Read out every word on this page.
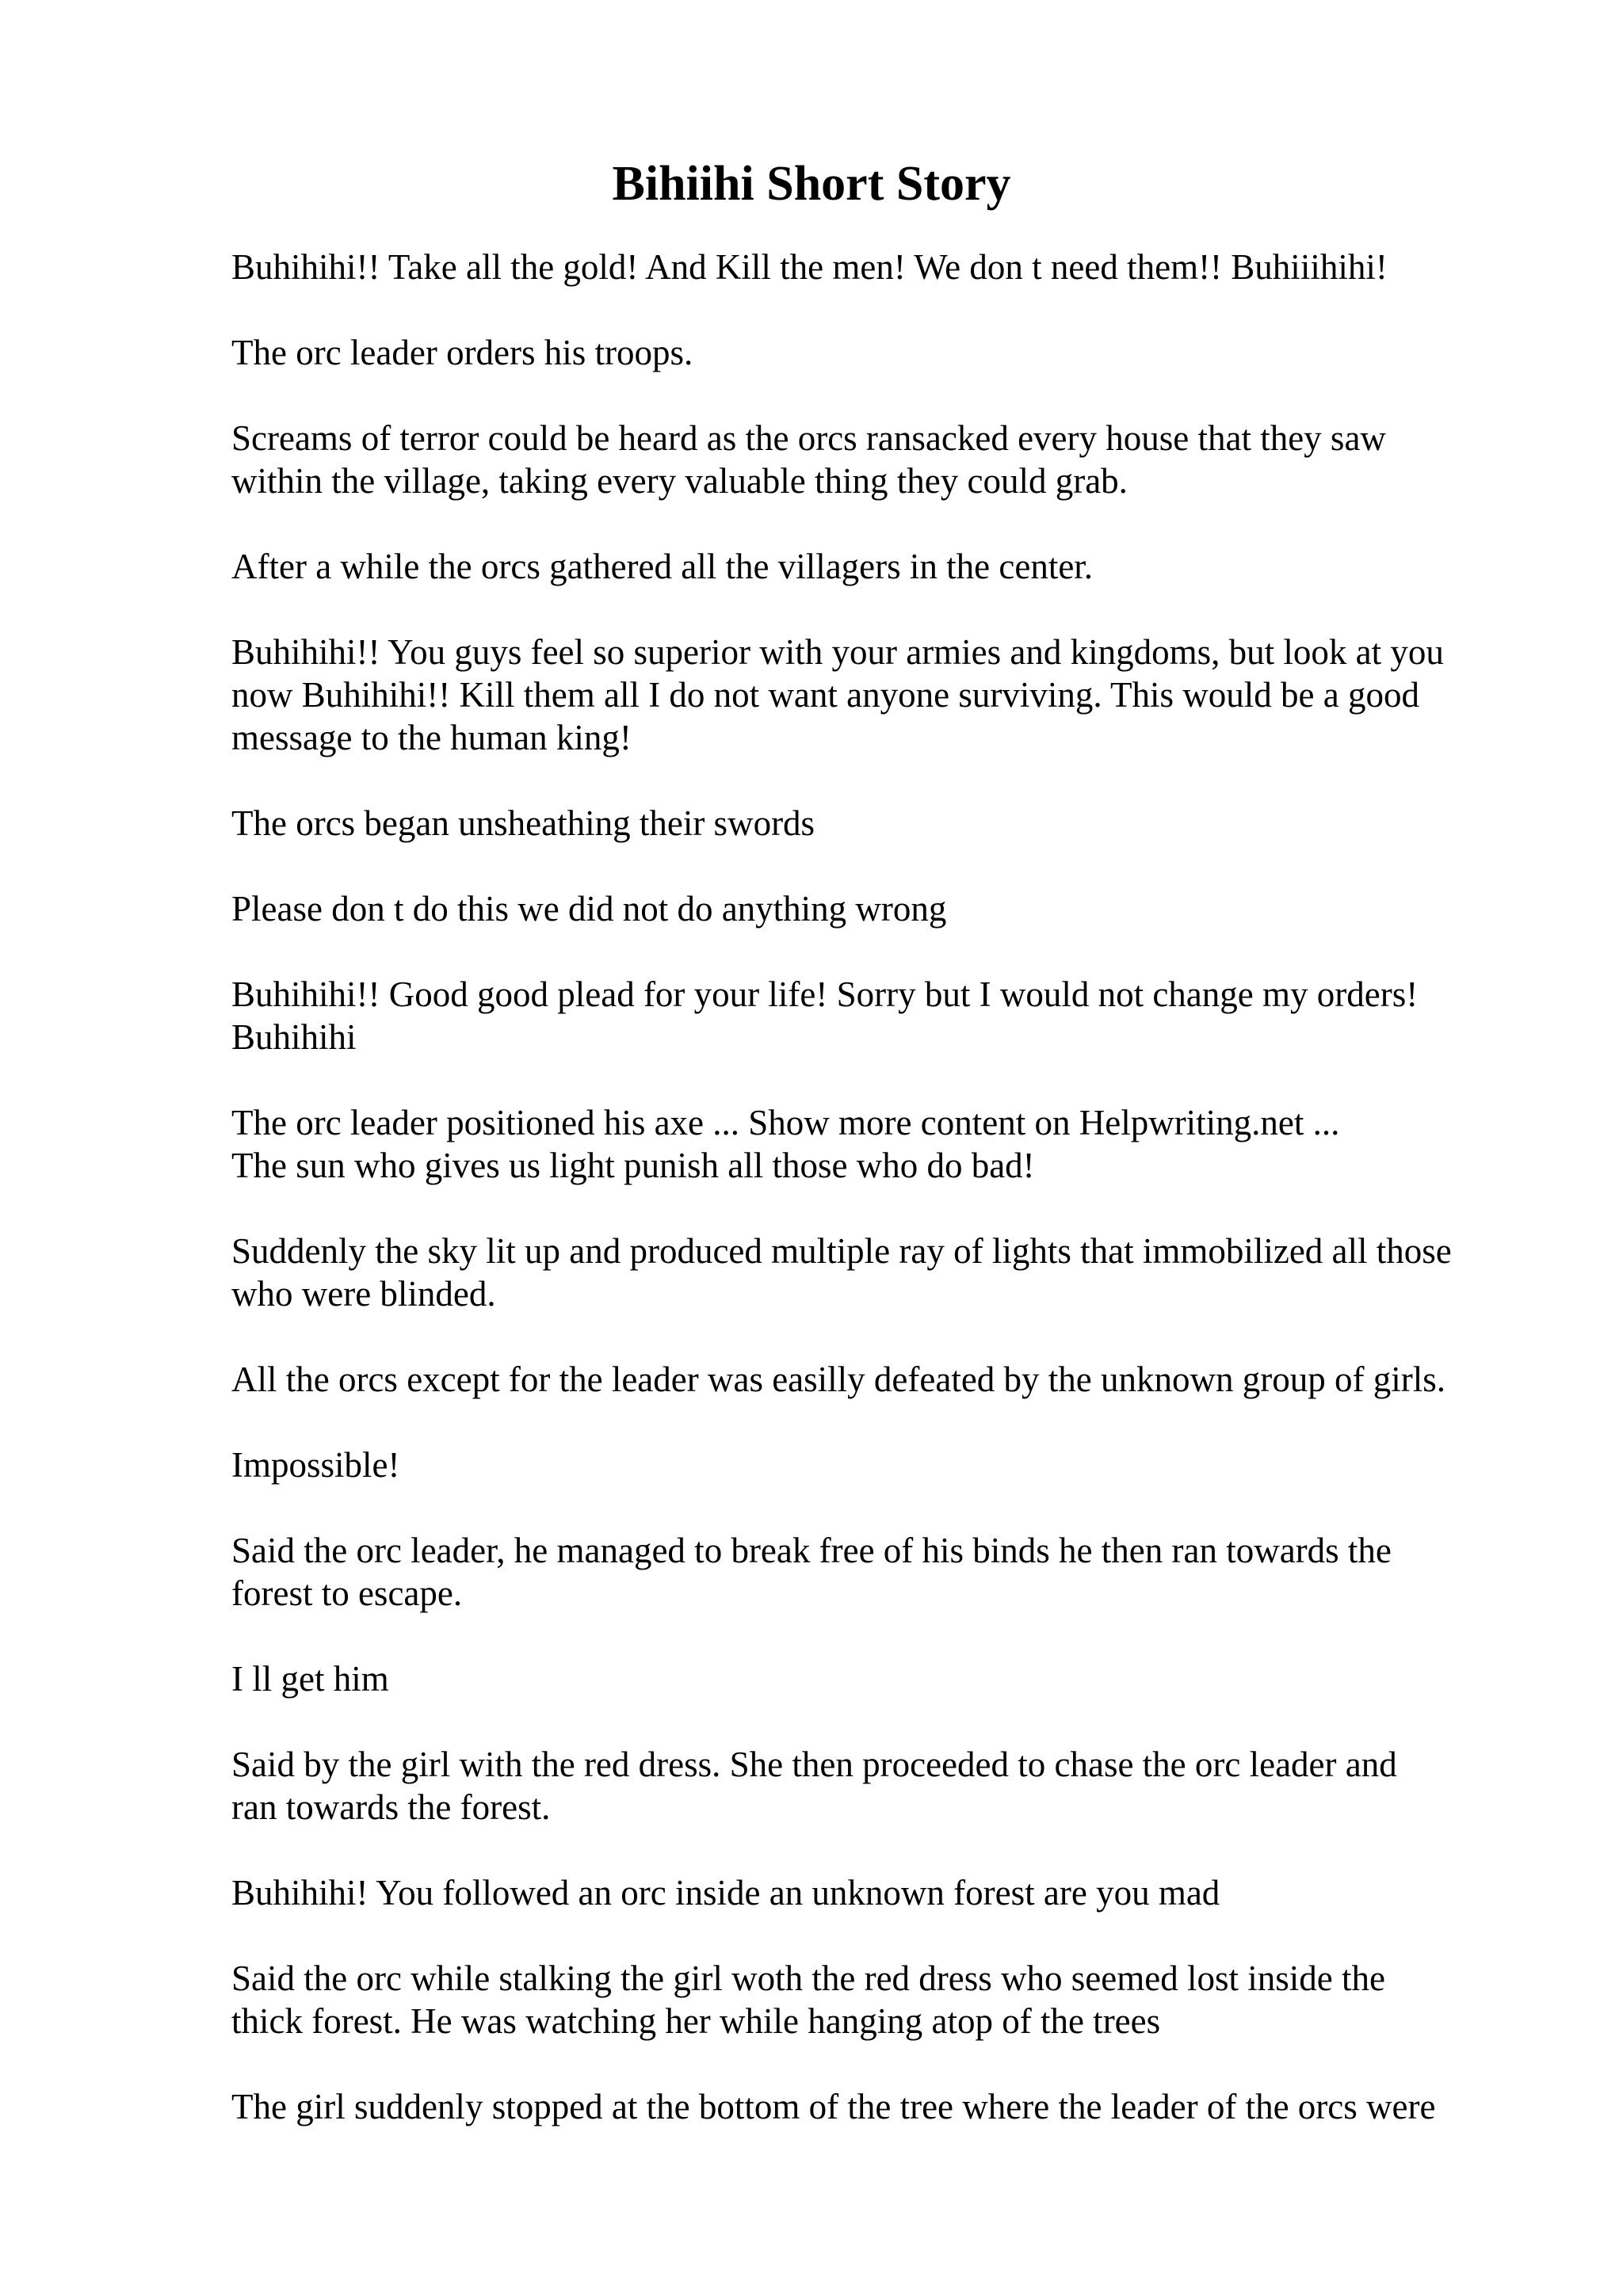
Bihiihi Short Story

Buhihihi!! Take all the gold! And Kill the men! We don t need them!! Buhiiihihi!

The orc leader orders his troops.

Screams of terror could be heard as the orcs ransacked every house that they saw
within the village, taking every valuable thing they could grab.

After a while the orcs gathered all the villagers in the center.

Buhihihi!! You guys feel so superior with your armies and kingdoms, but look at you
now Buhihihi!! Kill them all I do not want anyone surviving. This would be a good
message to the human king!

The orcs began unsheathing their swords

Please don t do this we did not do anything wrong

Buhihihi!! Good good plead for your life! Sorry but I would not change my orders!
Buhihihi

The orc leader positioned his axe ... Show more content on Helpwriting.net ...
The sun who gives us light punish all those who do bad!

Suddenly the sky lit up and produced multiple ray of lights that immobilized all those
who were blinded.

All the orcs except for the leader was easilly defeated by the unknown group of girls.

Impossible!

Said the orc leader, he managed to break free of his binds he then ran towards the
forest to escape.

I ll get him

Said by the girl with the red dress. She then proceeded to chase the orc leader and
ran towards the forest.

Buhihihi! You followed an orc inside an unknown forest are you mad

Said the orc while stalking the girl woth the red dress who seemed lost inside the
thick forest. He was watching her while hanging atop of the trees

The girl suddenly stopped at the bottom of the tree where the leader of the orcs were
